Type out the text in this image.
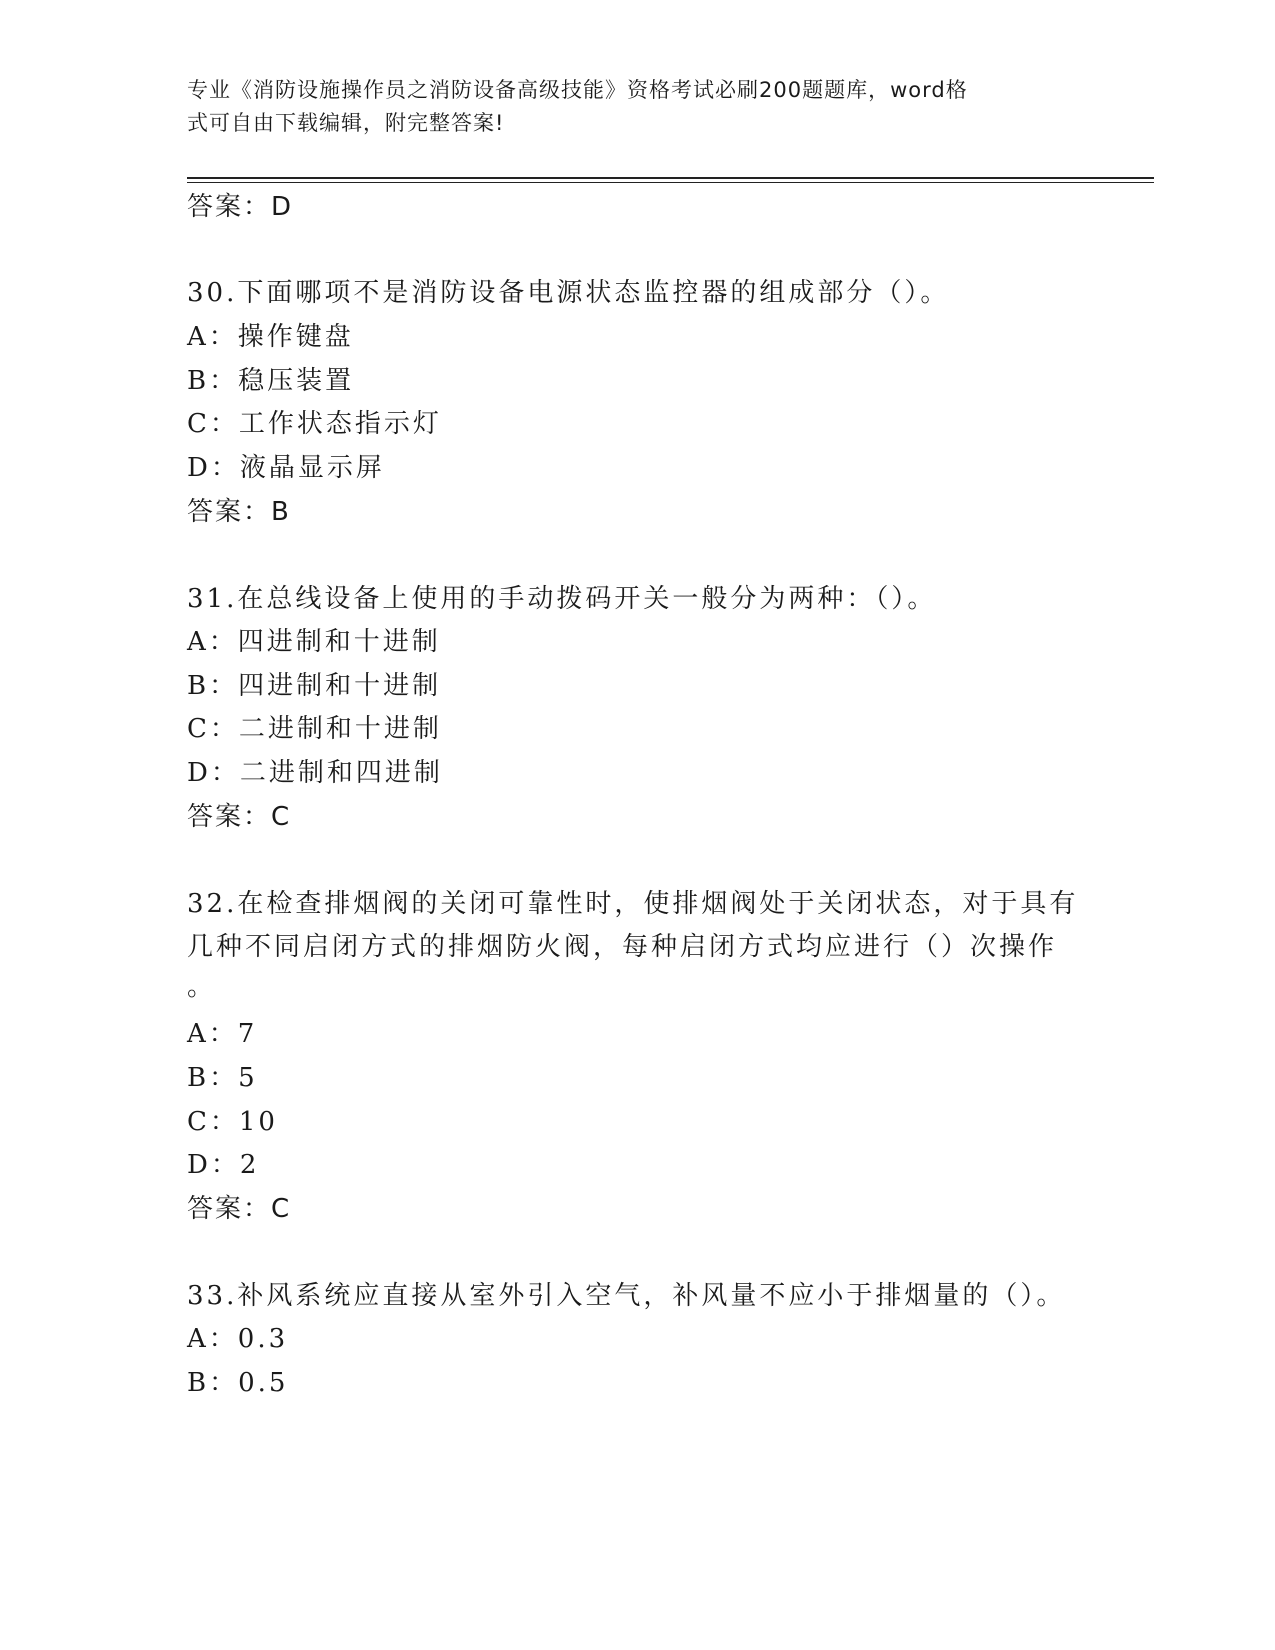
专业《消防设施操作员之消防设备高级技能》资格考试必刷200题题库，word格
式可自由下载编辑，附完整答案!
答案：D
30.下面哪项不是消防设备电源状态监控器的组成部分（）。
A：操作键盘
B：稳压装置
C：工作状态指示灯
D：液晶显示屏
答案：B
31.在总线设备上使用的手动拨码开关一般分为两种：（）。
A：四进制和十进制
B：四进制和十进制
C：二进制和十进制
D：二进制和四进制
答案：C
32.在检查排烟阀的关闭可靠性时，使排烟阀处于关闭状态，对于具有
几种不同启闭方式的排烟防火阀，每种启闭方式均应进行（）次操作
。
A：7
B：5
C：10
D：2
答案：C
33.补风系统应直接从室外引入空气，补风量不应小于排烟量的（）。
A：0.3
B：0.5
